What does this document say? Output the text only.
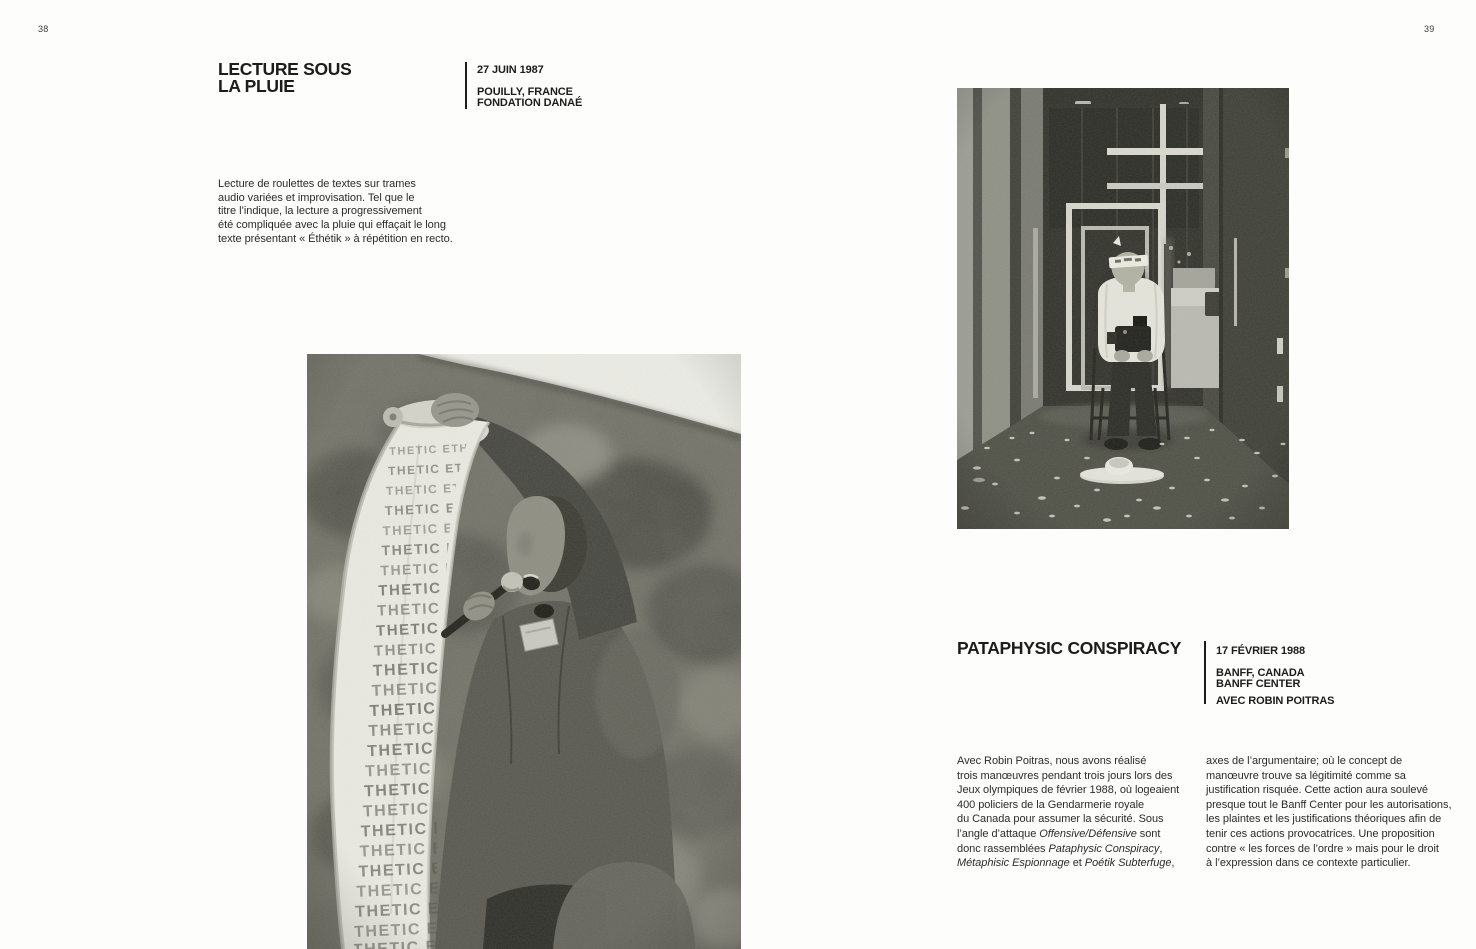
38	39
LECTURE SOUS
LA PLUIE
27 JUIN 1987
POUILLY, FRANCE
FONDATION DANAÉ
Lecture de roulettes de textes sur trames
audio variées et improvisation. Tel que le
titre l’indique, la lecture a progressivement
été compliquée avec la pluie qui effaçait le long
texte présentant « Éthétik » à répétition en recto.
PATAPHYSIC CONSPIRACY	17 FÉVRIER 1988
BANFF, CANADA
BANFF CENTER
AVEC ROBIN POITRAS
Avec Robin Poitras, nous avons réalisé
trois manœuvres pendant trois jours lors des
Jeux olympiques de février 1988, où logeaient
400 policiers de la Gendarmerie royale
du Canada pour assumer la sécurité. Sous
l’angle d’attaque Offensive/Défensive sont
donc rassemblées Pataphysic Conspiracy,
Métaphisic Espionnage et Poétik Subterfuge,
axes de l’argumentaire; où le concept de
manœuvre trouve sa légitimité comme sa
justification risquée. Cette action aura soulevé
presque tout le Banff Center pour les autorisations,
les plaintes et les justifications théoriques afin de
tenir ces actions provocatrices. Une proposition
contre « les forces de l’ordre » mais pour le droit
à l’expression dans ce contexte particulier.
